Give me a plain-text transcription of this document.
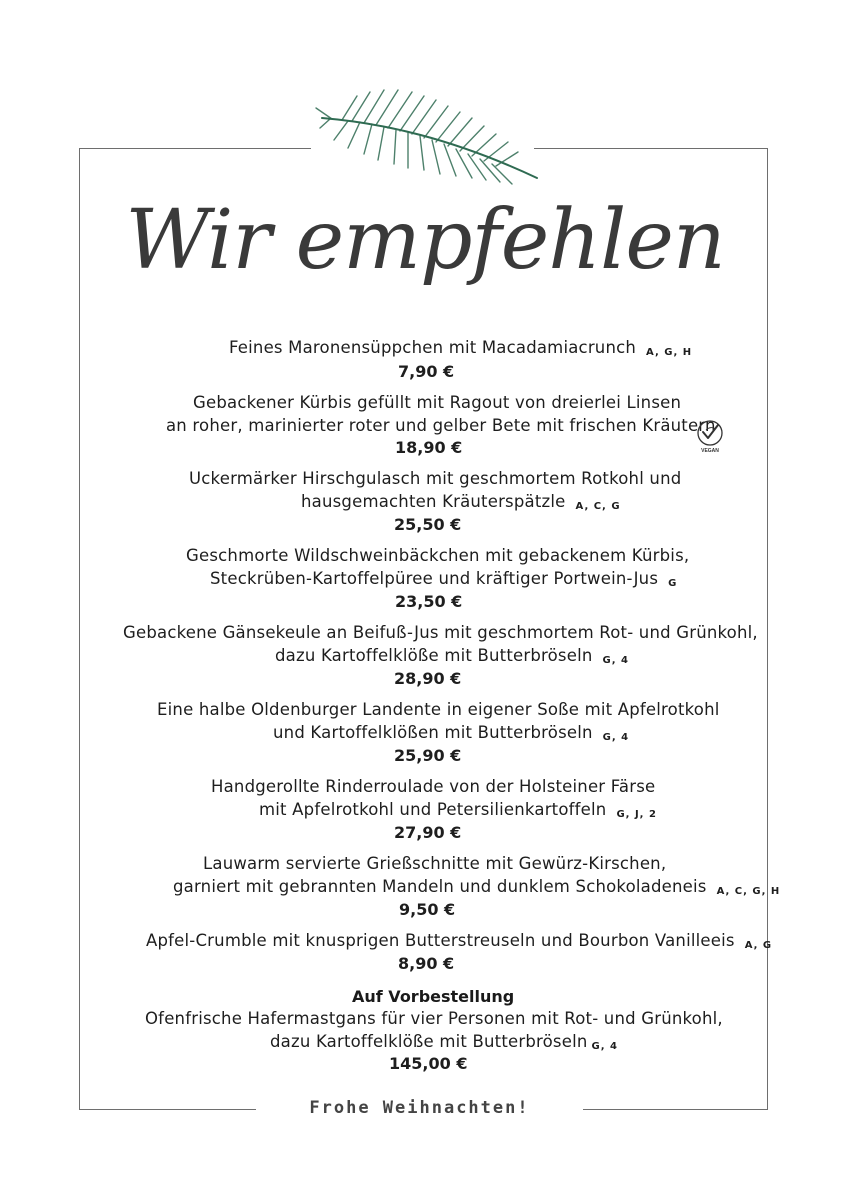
Wir empfehlen
Feines Maronensüppchen mit Macadamiacrunch A, G, H
7,90 €
Gebackener Kürbis gefüllt mit Ragout von dreierlei Linsen
an roher, marinierter roter und gelber Bete mit frischen Kräutern
18,90 €
Uckermärker Hirschgulasch mit geschmortem Rotkohl und
hausgemachten Kräuterspätzle A, C, G
25,50 €
Geschmorte Wildschweinbäckchen mit gebackenem Kürbis,
Steckrüben-Kartoffelpüree und kräftiger Portwein-Jus G
23,50 €
Gebackene Gänsekeule an Beifuß-Jus mit geschmortem Rot- und Grünkohl,
dazu Kartoffelklöße mit Butterbröseln G, 4
28,90 €
Eine halbe Oldenburger Landente in eigener Soße mit Apfelrotkohl
und Kartoffelklößen mit Butterbröseln G, 4
25,90 €
Handgerollte Rinderroulade von der Holsteiner Färse
mit Apfelrotkohl und Petersilienkartoffeln G, J, 2
27,90 €
Lauwarm servierte Grießschnitte mit Gewürz-Kirschen,
garniert mit gebrannten Mandeln und dunklem Schokoladeneis A, C, G, H
9,50 €
Apfel-Crumble mit knusprigen Butterstreuseln und Bourbon Vanilleeis A, G
8,90 €
Auf Vorbestellung
Ofenfrische Hafermastgans für vier Personen mit Rot- und Grünkohl,
dazu Kartoffelklöße mit Butterbröseln G, 4
145,00 €
VEGAN
Frohe Weihnachten!
